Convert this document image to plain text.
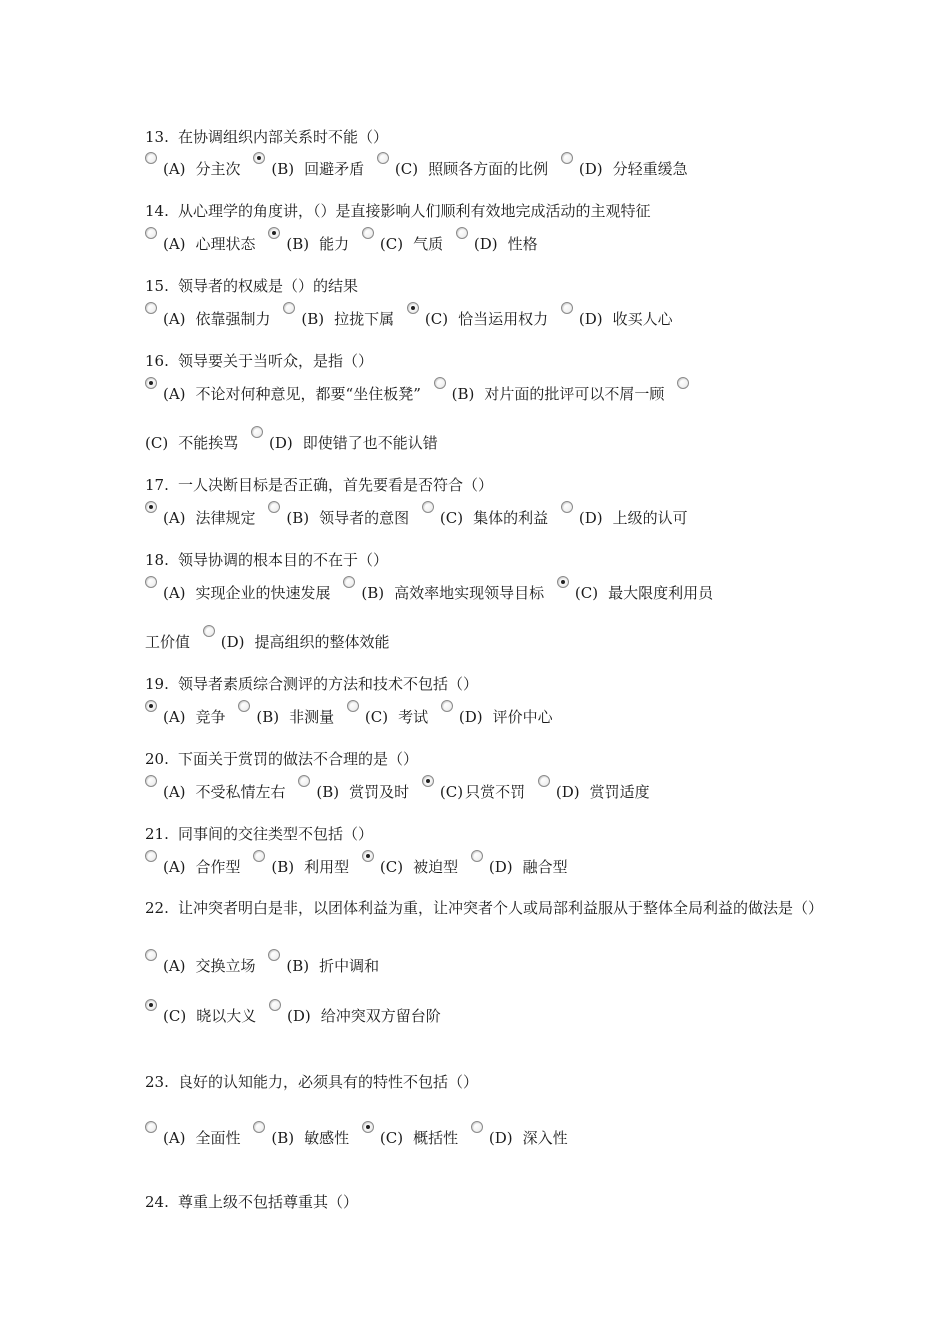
13. 在协调组织内部关系时不能（）
(A) 分主次 (B) 回避矛盾 (C) 照顾各方面的比例 (D) 分轻重缓急
14. 从心理学的角度讲，（）是直接影响人们顺利有效地完成活动的主观特征
(A) 心理状态 (B) 能力 (C) 气质 (D) 性格
15. 领导者的权威是（）的结果
(A) 依靠强制力 (B) 拉拢下属 (C) 恰当运用权力 (D) 收买人心
16. 领导要关于当听众，是指（）
(A) 不论对何种意见，都要“坐住板凳” (B) 对片面的批评可以不屑一顾
(C) 不能挨骂 (D) 即使错了也不能认错
17. 一人决断目标是否正确，首先要看是否符合（）
(A) 法律规定 (B) 领导者的意图 (C) 集体的利益 (D) 上级的认可
18. 领导协调的根本目的不在于（）
(A) 实现企业的快速发展 (B) 高效率地实现领导目标 (C) 最大限度利用员
工价值 (D) 提高组织的整体效能
19. 领导者素质综合测评的方法和技术不包括（）
(A) 竞争 (B) 非测量 (C) 考试 (D) 评价中心
20. 下面关于赏罚的做法不合理的是（）
(A) 不受私情左右 (B) 赏罚及时 (C) 只赏不罚 (D) 赏罚适度
21. 同事间的交往类型不包括（）
(A) 合作型 (B) 利用型 (C) 被迫型 (D) 融合型
22. 让冲突者明白是非，以团体利益为重，让冲突者个人或局部利益服从于整体全局利益的做法是（）
(A) 交换立场 (B) 折中调和
(C) 晓以大义 (D) 给冲突双方留台阶
23. 良好的认知能力，必须具有的特性不包括（）
(A) 全面性 (B) 敏感性 (C) 概括性 (D) 深入性
24. 尊重上级不包括尊重其（）
